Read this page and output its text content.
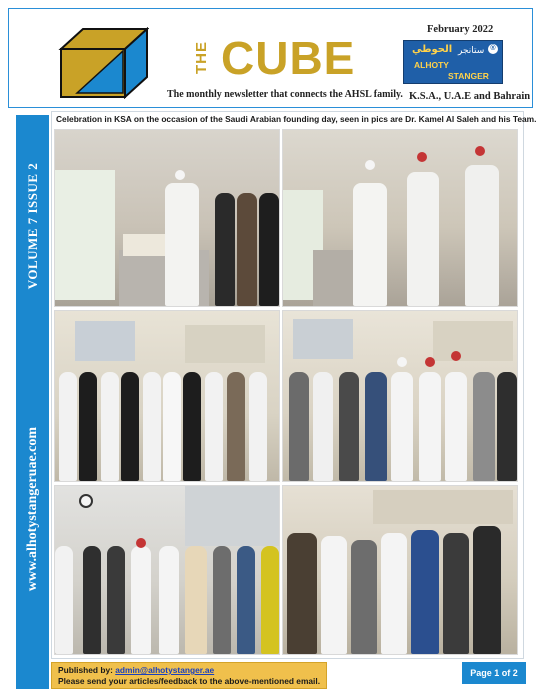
THE CUBE
The monthly newsletter that connects the AHSL family.
February 2022
الحوطي ستانجر
ALHOTY
STANGER
®
K.S.A., U.A.E and Bahrain
VOLUME 7 ISSUE 2
www.alhotystangeruae.com
Celebration in KSA on the occasion of the Saudi Arabian founding day, seen in pics are Dr. Kamel Al Saleh and his Team.
Published by: admin@alhotystanger.ae
Please send your articles/feedback to the above-mentioned email.
Page 1 of 2
